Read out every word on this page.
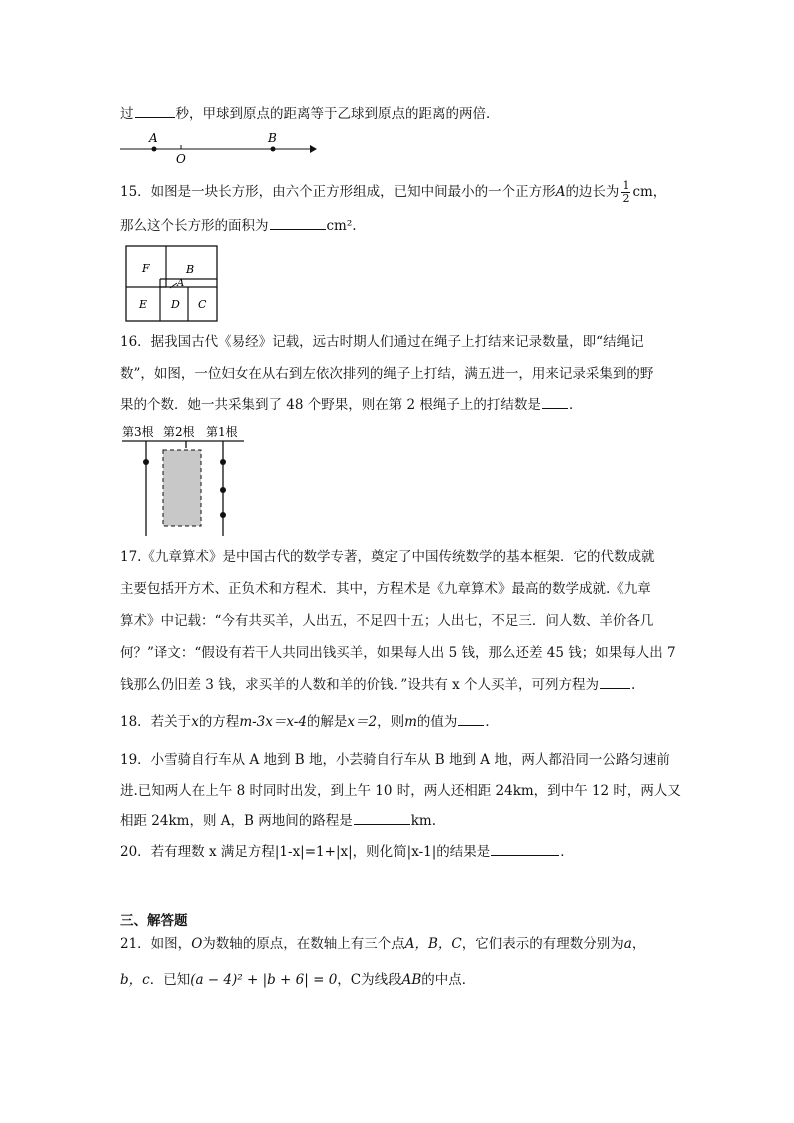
过	秒，甲球到原点的距离等于乙球到原点的距离的两倍．
A
O
B
15．如图是一块长方形，由六个正方形组成，已知中间最小的一个正方形A的边长为 $\frac{1}{2}$ cm，
那么这个长方形的面积为	cm².
F	B
A
E D C
16．据我国古代《易经》记载，远古时期人们通过在绳子上打结来记录数量，即“结绳记
数”，如图，一位妇女在从右到左依次排列的绳子上打结，满五进一，用来记录采集到的野
果的个数．她一共采集到了 48 个野果，则在第 2 根绳子上的打结数是 ．
第3根 第2根 第1根
17.《九章算术》是中国古代的数学专著，奠定了中国传统数学的基本框架．它的代数成就
主要包括开方术、正负术和方程术．其中，方程术是《九章算术》最高的数学成就.《九章
算术》中记载：“今有共买羊，人出五，不足四十五；人出七，不足三．问人数、羊价各几
何？”译文：“假设有若干人共同出钱买羊，如果每人出 5 钱，那么还差 45 钱；如果每人出 7
钱那么仍旧差 3 钱，求买羊的人数和羊的价钱．”设共有 x 个人买羊，可列方程为 .
18．若关于x的方程m-3x＝x-4的解是x＝2，则m的值为 ．
19．小雪骑自行车从 A 地到 B 地，小芸骑自行车从 B 地到 A 地，两人都沿同一公路匀速前
进.已知两人在上午 8 时同时出发，到上午 10 时，两人还相距 24km，到中午 12 时，两人又
相距 24km，则 A，B 两地间的路程是	km.
20．若有理数 x 满足方程|1-x|=1+|x|，则化简|x-1|的结果是	．
三、解答题
21．如图，O为数轴的原点，在数轴上有三个点A，B，C，它们表示的有理数分别为a，
b，c．已知(a − 4)² + |b + 6| = 0，C为线段AB的中点．
